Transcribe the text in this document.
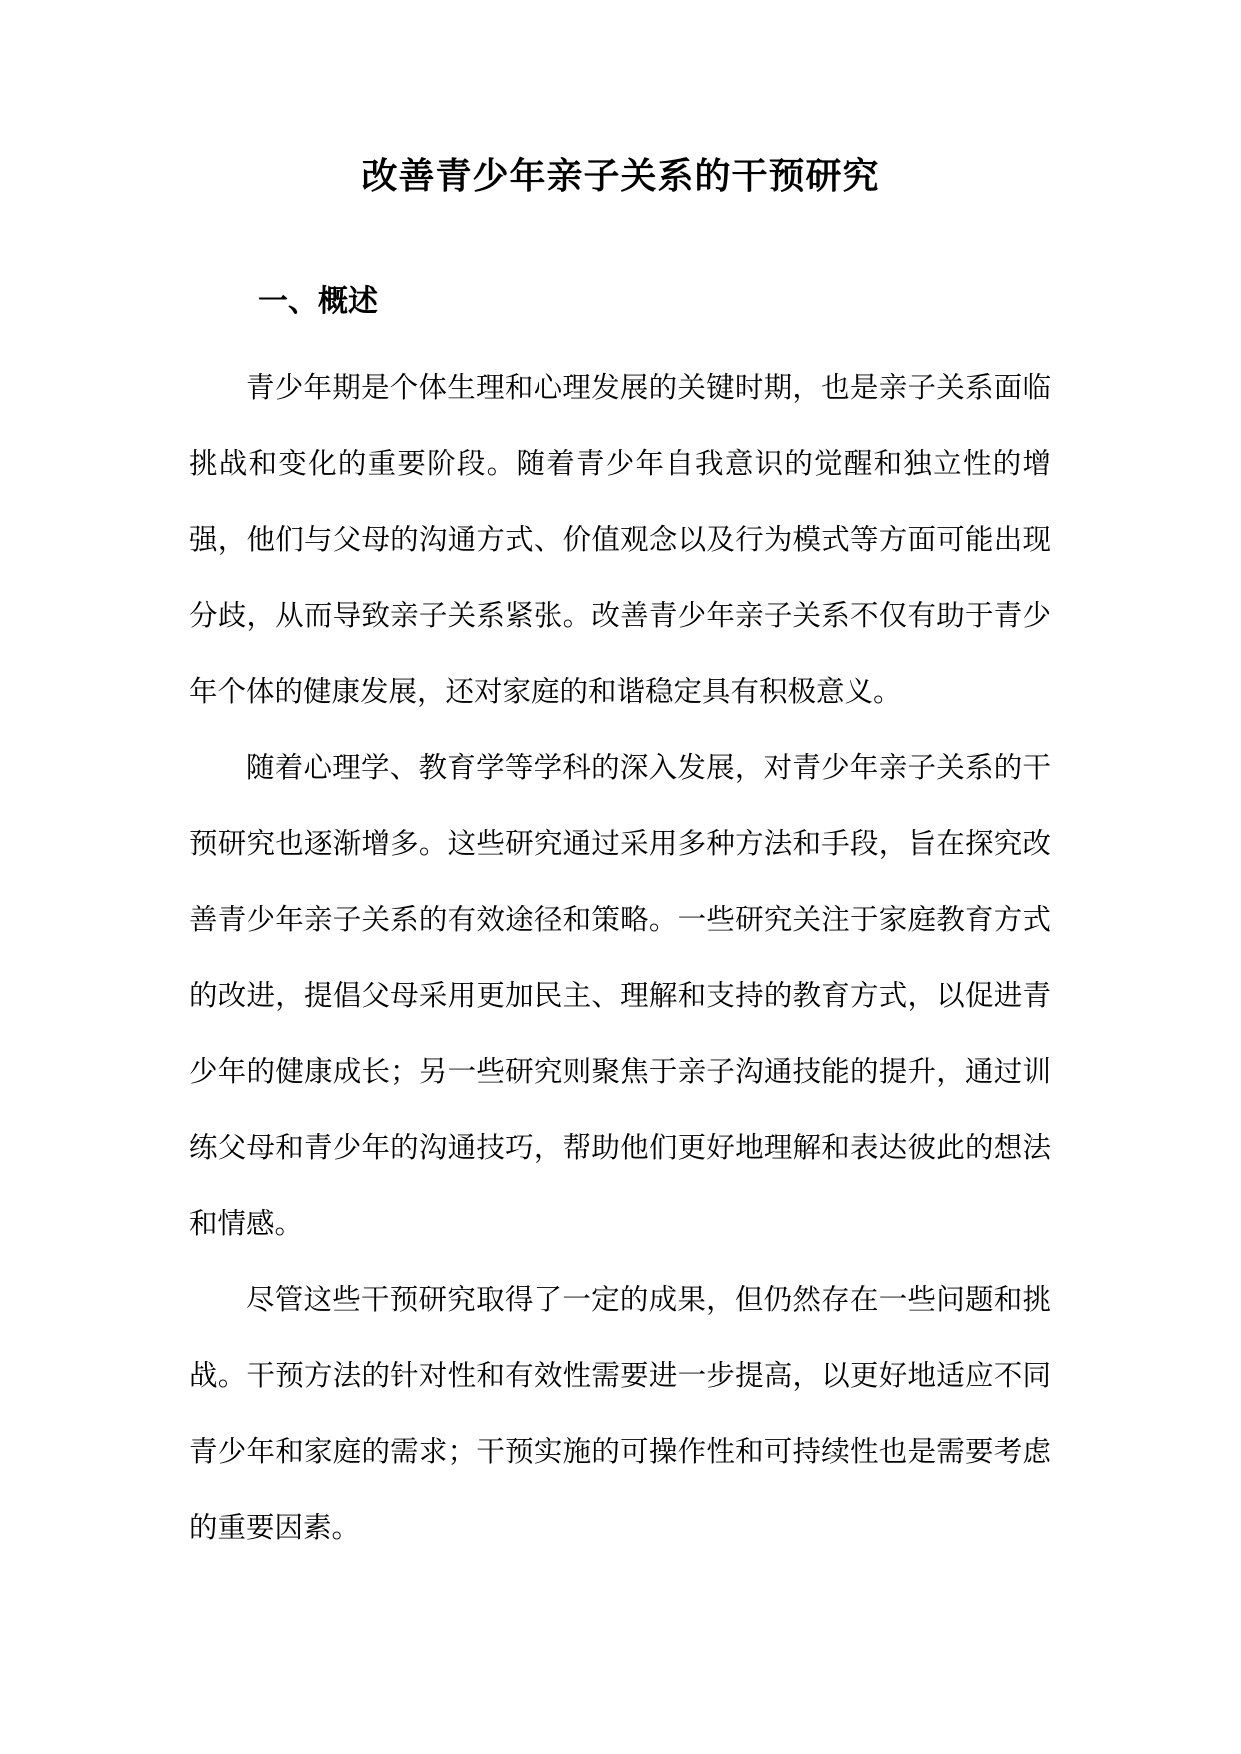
改善青少年亲子关系的干预研究
一、概述

青少年期是个体生理和心理发展的关键时期，也是亲子关系面临挑战和变化的重要阶段。随着青少年自我意识的觉醒和独立性的增强，他们与父母的沟通方式、价值观念以及行为模式等方面可能出现分歧，从而导致亲子关系紧张。改善青少年亲子关系不仅有助于青少年个体的健康发展，还对家庭的和谐稳定具有积极意义。

随着心理学、教育学等学科的深入发展，对青少年亲子关系的干预研究也逐渐增多。这些研究通过采用多种方法和手段，旨在探究改善青少年亲子关系的有效途径和策略。一些研究关注于家庭教育方式的改进，提倡父母采用更加民主、理解和支持的教育方式，以促进青少年的健康成长；另一些研究则聚焦于亲子沟通技能的提升，通过训练父母和青少年的沟通技巧，帮助他们更好地理解和表达彼此的想法和情感。

尽管这些干预研究取得了一定的成果，但仍然存在一些问题和挑战。干预方法的针对性和有效性需要进一步提高，以更好地适应不同青少年和家庭的需求；干预实施的可操作性和可持续性也是需要考虑的重要因素。
